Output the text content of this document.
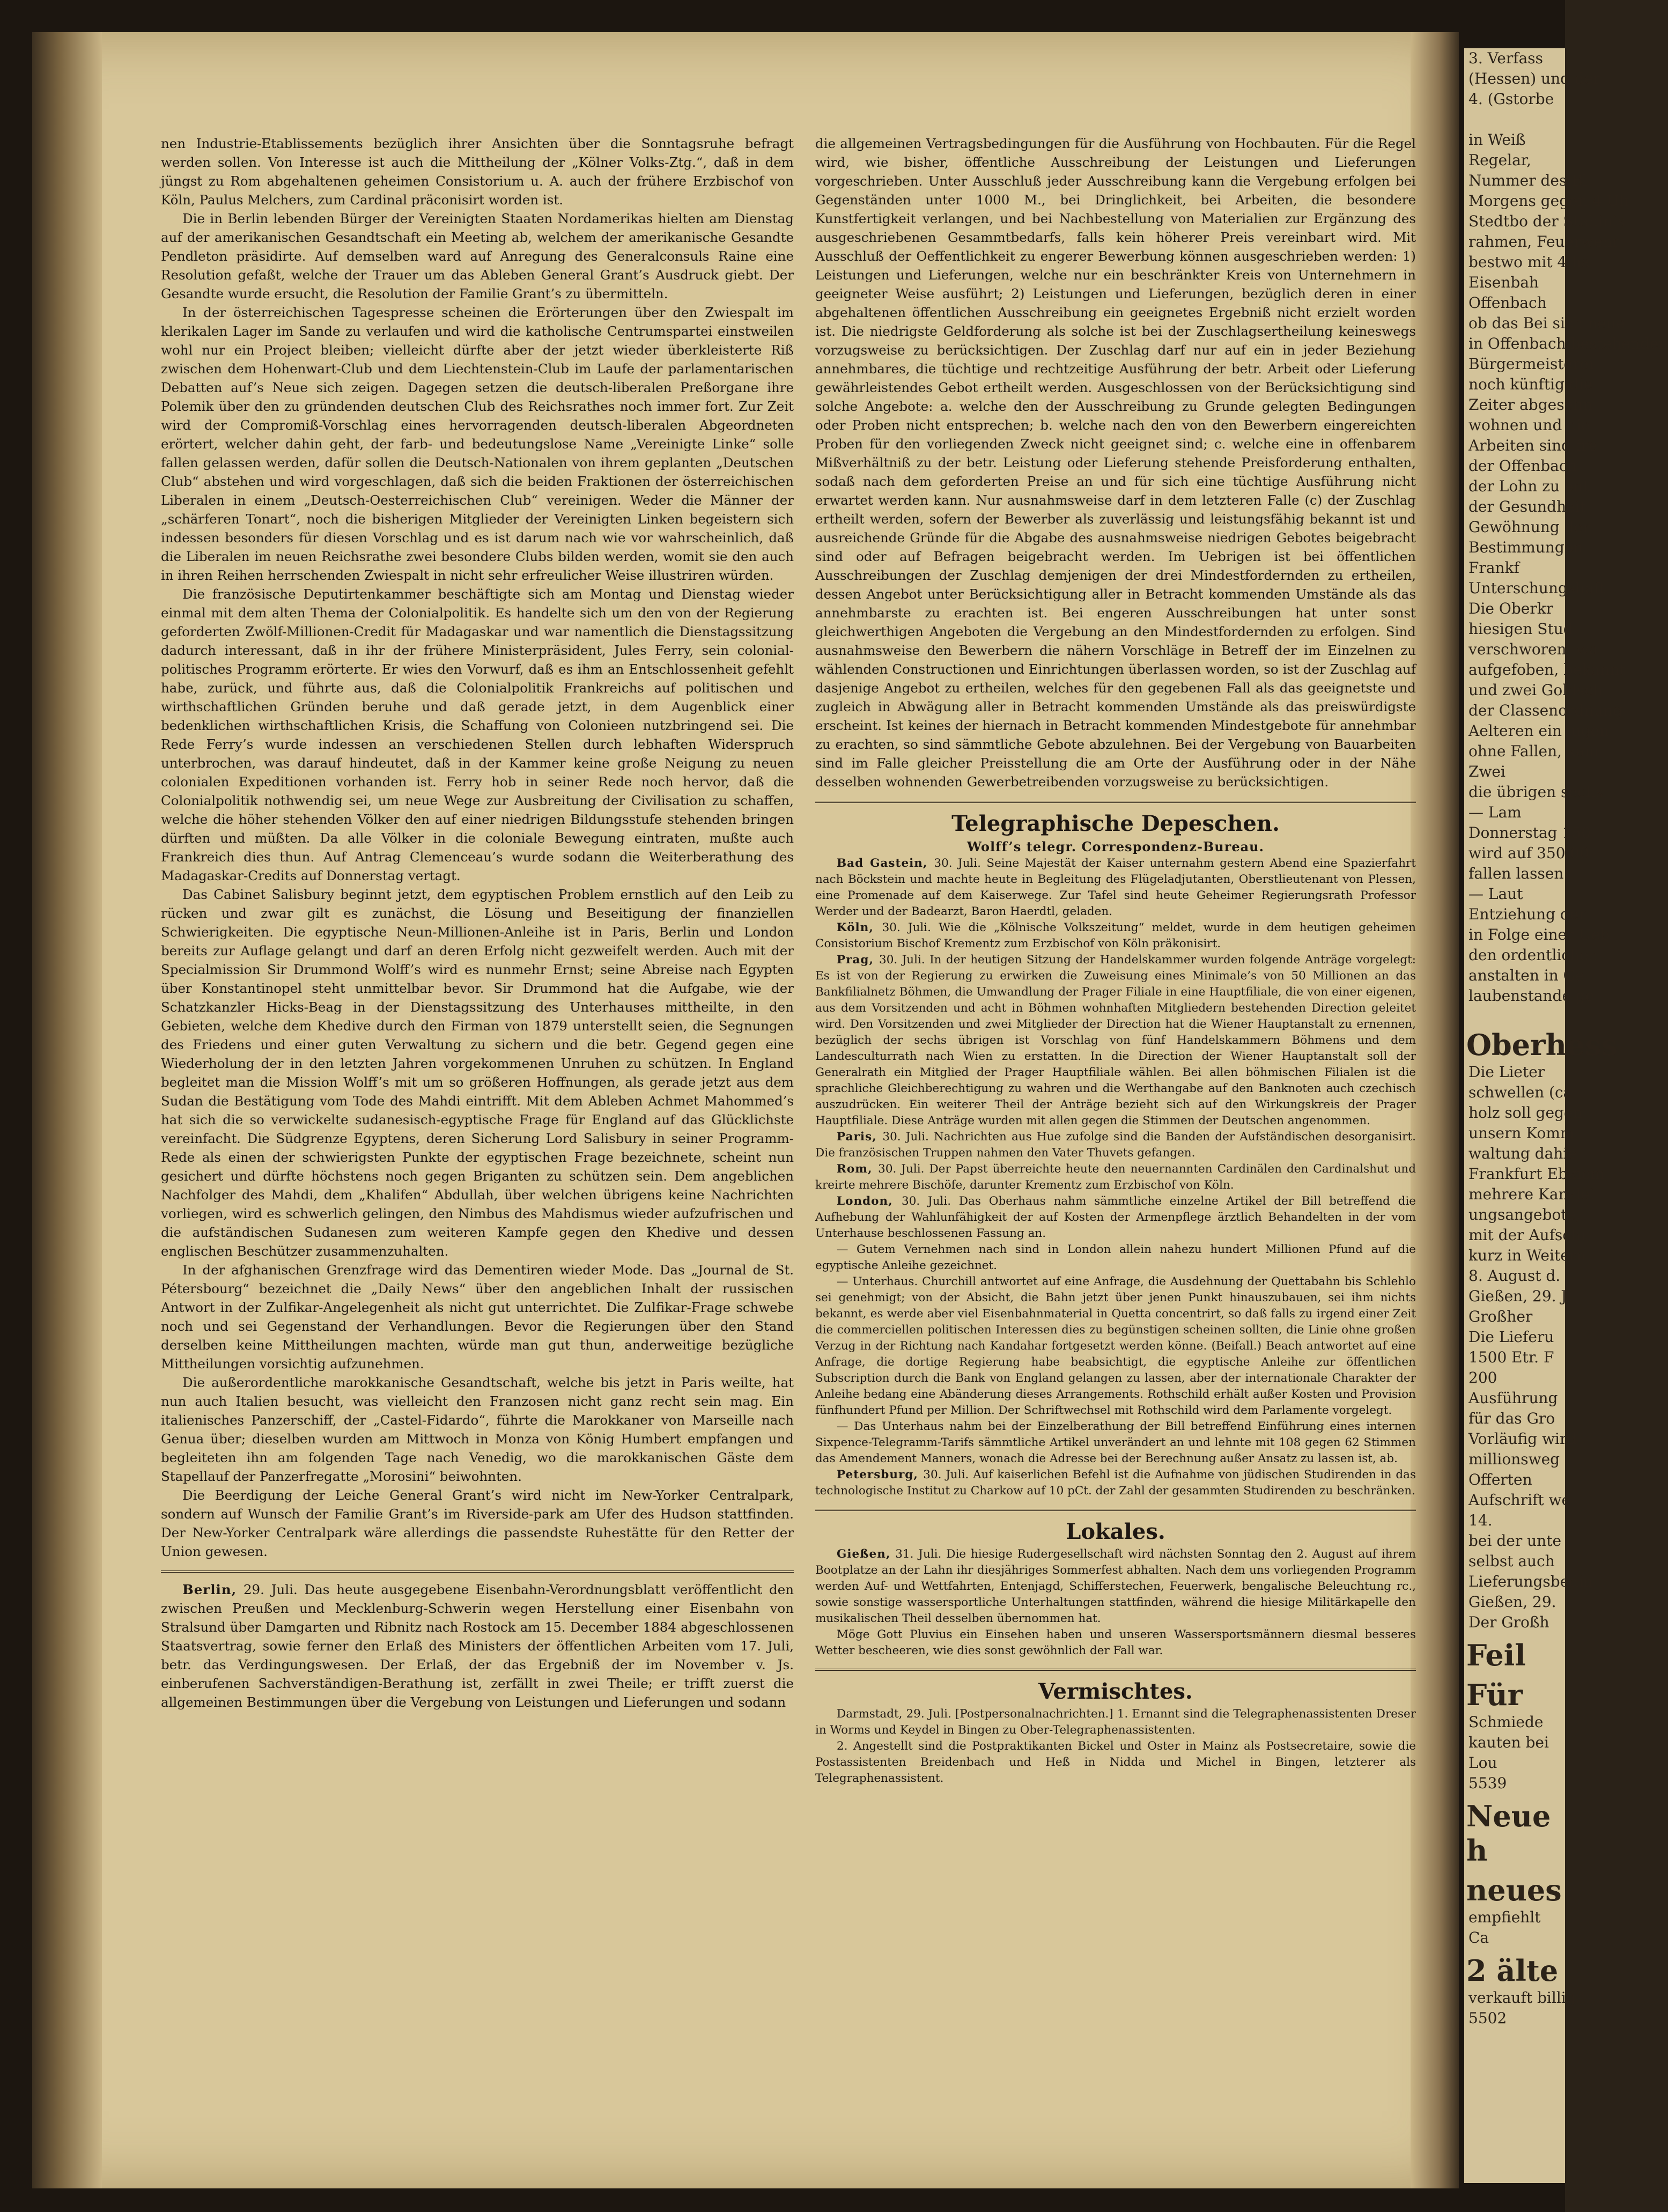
nen Industrie-Etablissements bezüglich ihrer Ansichten über die Sonntagsruhe befragt werden sollen. Von Interesse ist auch die Mittheilung der „Kölner Volks-Ztg.“, daß in dem jüngst zu Rom abgehaltenen geheimen Consistorium u. A. auch der frühere Erzbischof von Köln, Paulus Melchers, zum Cardinal präconisirt worden ist.

Die in Berlin lebenden Bürger der Vereinigten Staaten Nordamerikas hielten am Dienstag auf der amerikanischen Gesandtschaft ein Meeting ab, welchem der amerikanische Gesandte Pendleton präsidirte. Auf demselben ward auf Anregung des Generalconsuls Raine eine Resolution gefaßt, welche der Trauer um das Ableben General Grant’s Ausdruck giebt. Der Gesandte wurde ersucht, die Resolution der Familie Grant’s zu übermitteln.

In der österreichischen Tagespresse scheinen die Erörterungen über den Zwiespalt im klerikalen Lager im Sande zu verlaufen und wird die katholische Centrumspartei einstweilen wohl nur ein Project bleiben; vielleicht dürfte aber der jetzt wieder überkleisterte Riß zwischen dem Hohenwart-Club und dem Liechtenstein-Club im Laufe der parlamentarischen Debatten auf’s Neue sich zeigen. Dagegen setzen die deutsch-liberalen Preßorgane ihre Polemik über den zu gründenden deutschen Club des Reichsrathes noch immer fort. Zur Zeit wird der Compromiß-Vorschlag eines hervorragenden deutsch-liberalen Abgeordneten erörtert, welcher dahin geht, der farb- und bedeutungslose Name „Vereinigte Linke“ solle fallen gelassen werden, dafür sollen die Deutsch-Nationalen von ihrem geplanten „Deutschen Club“ abstehen und wird vorgeschlagen, daß sich die beiden Fraktionen der österreichischen Liberalen in einem „Deutsch-Oesterreichischen Club“ vereinigen. Weder die Männer der „schärferen Tonart“, noch die bisherigen Mitglieder der Vereinigten Linken begeistern sich indessen besonders für diesen Vorschlag und es ist darum nach wie vor wahrscheinlich, daß die Liberalen im neuen Reichsrathe zwei besondere Clubs bilden werden, womit sie den auch in ihren Reihen herrschenden Zwiespalt in nicht sehr erfreulicher Weise illustriren würden.

Die französische Deputirtenkammer beschäftigte sich am Montag und Dienstag wieder einmal mit dem alten Thema der Colonialpolitik. Es handelte sich um den von der Regierung geforderten Zwölf-Millionen-Credit für Madagaskar und war namentlich die Dienstagssitzung dadurch interessant, daß in ihr der frühere Ministerpräsident, Jules Ferry, sein colonial-politisches Programm erörterte. Er wies den Vorwurf, daß es ihm an Entschlossenheit gefehlt habe, zurück, und führte aus, daß die Colonialpolitik Frankreichs auf politischen und wirthschaftlichen Gründen beruhe und daß gerade jetzt, in dem Augenblick einer bedenklichen wirthschaftlichen Krisis, die Schaffung von Colonieen nutzbringend sei. Die Rede Ferry’s wurde indessen an verschiedenen Stellen durch lebhaften Widerspruch unterbrochen, was darauf hindeutet, daß in der Kammer keine große Neigung zu neuen colonialen Expeditionen vorhanden ist. Ferry hob in seiner Rede noch hervor, daß die Colonialpolitik nothwendig sei, um neue Wege zur Ausbreitung der Civilisation zu schaffen, welche die höher stehenden Völker den auf einer niedrigen Bildungsstufe stehenden bringen dürften und müßten. Da alle Völker in die coloniale Bewegung eintraten, mußte auch Frankreich dies thun. Auf Antrag Clemenceau’s wurde sodann die Weiterberathung des Madagaskar-Credits auf Donnerstag vertagt.

Das Cabinet Salisbury beginnt jetzt, dem egyptischen Problem ernstlich auf den Leib zu rücken und zwar gilt es zunächst, die Lösung und Beseitigung der finanziellen Schwierigkeiten. Die egyptische Neun-Millionen-Anleihe ist in Paris, Berlin und London bereits zur Auflage gelangt und darf an deren Erfolg nicht gezweifelt werden. Auch mit der Specialmission Sir Drummond Wolff’s wird es nunmehr Ernst; seine Abreise nach Egypten über Konstantinopel steht unmittelbar bevor. Sir Drummond hat die Aufgabe, wie der Schatzkanzler Hicks-Beag in der Dienstagssitzung des Unterhauses mittheilte, in den Gebieten, welche dem Khedive durch den Firman von 1879 unterstellt seien, die Segnungen des Friedens und einer guten Verwaltung zu sichern und die betr. Gegend gegen eine Wiederholung der in den letzten Jahren vorgekommenen Unruhen zu schützen. In England begleitet man die Mission Wolff’s mit um so größeren Hoffnungen, als gerade jetzt aus dem Sudan die Bestätigung vom Tode des Mahdi eintrifft. Mit dem Ableben Achmet Mahommed’s hat sich die so verwickelte sudanesisch-egyptische Frage für England auf das Glücklichste vereinfacht. Die Südgrenze Egyptens, deren Sicherung Lord Salisbury in seiner Programm-Rede als einen der schwierigsten Punkte der egyptischen Frage bezeichnete, scheint nun gesichert und dürfte höchstens noch gegen Briganten zu schützen sein. Dem angeblichen Nachfolger des Mahdi, dem „Khalifen“ Abdullah, über welchen übrigens keine Nachrichten vorliegen, wird es schwerlich gelingen, den Nimbus des Mahdismus wieder aufzufrischen und die aufständischen Sudanesen zum weiteren Kampfe gegen den Khedive und dessen englischen Beschützer zusammenzuhalten.

In der afghanischen Grenzfrage wird das Dementiren wieder Mode. Das „Journal de St. Pétersbourg“ bezeichnet die „Daily News“ über den angeblichen Inhalt der russischen Antwort in der Zulfikar-Angelegenheit als nicht gut unterrichtet. Die Zulfikar-Frage schwebe noch und sei Gegenstand der Verhandlungen. Bevor die Regierungen über den Stand derselben keine Mittheilungen machten, würde man gut thun, anderweitige bezügliche Mittheilungen vorsichtig aufzunehmen.

Die außerordentliche marokkanische Gesandtschaft, welche bis jetzt in Paris weilte, hat nun auch Italien besucht, was vielleicht den Franzosen nicht ganz recht sein mag. Ein italienisches Panzerschiff, der „Castel-Fidardo“, führte die Marokkaner von Marseille nach Genua über; dieselben wurden am Mittwoch in Monza von König Humbert empfangen und begleiteten ihn am folgenden Tage nach Venedig, wo die marokkanischen Gäste dem Stapellauf der Panzerfregatte „Morosini“ beiwohnten.

Die Beerdigung der Leiche General Grant’s wird nicht im New-Yorker Centralpark, sondern auf Wunsch der Familie Grant’s im Riverside-park am Ufer des Hudson stattfinden. Der New-Yorker Centralpark wäre allerdings die passendste Ruhestätte für den Retter der Union gewesen.

Berlin, 29. Juli. Das heute ausgegebene Eisenbahn-Verordnungsblatt veröffentlicht den zwischen Preußen und Mecklenburg-Schwerin wegen Herstellung einer Eisenbahn von Stralsund über Damgarten und Ribnitz nach Rostock am 15. December 1884 abgeschlossenen Staatsvertrag, sowie ferner den Erlaß des Ministers der öffentlichen Arbeiten vom 17. Juli, betr. das Verdingungswesen. Der Erlaß, der das Ergebniß der im November v. Js. einberufenen Sachverständigen-Berathung ist, zerfällt in zwei Theile; er trifft zuerst die allgemeinen Bestimmungen über die Vergebung von Leistungen und Lieferungen und sodann

die allgemeinen Vertragsbedingungen für die Ausführung von Hochbauten. Für die Regel wird, wie bisher, öffentliche Ausschreibung der Leistungen und Lieferungen vorgeschrieben. Unter Ausschluß jeder Ausschreibung kann die Vergebung erfolgen bei Gegenständen unter 1000 M., bei Dringlichkeit, bei Arbeiten, die besondere Kunstfertigkeit verlangen, und bei Nachbestellung von Materialien zur Ergänzung des ausgeschriebenen Gesammtbedarfs, falls kein höherer Preis vereinbart wird. Mit Ausschluß der Oeffentlichkeit zu engerer Bewerbung können ausgeschrieben werden: 1) Leistungen und Lieferungen, welche nur ein beschränkter Kreis von Unternehmern in geeigneter Weise ausführt; 2) Leistungen und Lieferungen, bezüglich deren in einer abgehaltenen öffentlichen Ausschreibung ein geeignetes Ergebniß nicht erzielt worden ist. Die niedrigste Geldforderung als solche ist bei der Zuschlagsertheilung keineswegs vorzugsweise zu berücksichtigen. Der Zuschlag darf nur auf ein in jeder Beziehung annehmbares, die tüchtige und rechtzeitige Ausführung der betr. Arbeit oder Lieferung gewährleistendes Gebot ertheilt werden. Ausgeschlossen von der Berücksichtigung sind solche Angebote: a. welche den der Ausschreibung zu Grunde gelegten Bedingungen oder Proben nicht entsprechen; b. welche nach den von den Bewerbern eingereichten Proben für den vorliegenden Zweck nicht geeignet sind; c. welche eine in offenbarem Mißverhältniß zu der betr. Leistung oder Lieferung stehende Preisforderung enthalten, sodaß nach dem geforderten Preise an und für sich eine tüchtige Ausführung nicht erwartet werden kann. Nur ausnahmsweise darf in dem letzteren Falle (c) der Zuschlag ertheilt werden, sofern der Bewerber als zuverlässig und leistungsfähig bekannt ist und ausreichende Gründe für die Abgabe des ausnahmsweise niedrigen Gebotes beigebracht sind oder auf Befragen beigebracht werden. Im Uebrigen ist bei öffentlichen Ausschreibungen der Zuschlag demjenigen der drei Mindestfordernden zu ertheilen, dessen Angebot unter Berücksichtigung aller in Betracht kommenden Umstände als das annehmbarste zu erachten ist. Bei engeren Ausschreibungen hat unter sonst gleichwerthigen Angeboten die Vergebung an den Mindestfordernden zu erfolgen. Sind ausnahmsweise den Bewerbern die nähern Vorschläge in Betreff der im Einzelnen zu wählenden Constructionen und Einrichtungen überlassen worden, so ist der Zuschlag auf dasjenige Angebot zu ertheilen, welches für den gegebenen Fall als das geeignetste und zugleich in Abwägung aller in Betracht kommenden Umstände als das preiswürdigste erscheint. Ist keines der hiernach in Betracht kommenden Mindestgebote für annehmbar zu erachten, so sind sämmtliche Gebote abzulehnen. Bei der Vergebung von Bauarbeiten sind im Falle gleicher Preisstellung die am Orte der Ausführung oder in der Nähe desselben wohnenden Gewerbetreibenden vorzugsweise zu berücksichtigen.

Telegraphische Depeschen.
Wolff’s telegr. Correspondenz-Bureau.

Bad Gastein, 30. Juli. Seine Majestät der Kaiser unternahm gestern Abend eine Spazierfahrt nach Böckstein und machte heute in Begleitung des Flügeladjutanten, Oberstlieutenant von Plessen, eine Promenade auf dem Kaiserwege. Zur Tafel sind heute Geheimer Regierungsrath Professor Werder und der Badearzt, Baron Haerdtl, geladen.

Köln, 30. Juli. Wie die „Kölnische Volkszeitung“ meldet, wurde in dem heutigen geheimen Consistorium Bischof Krementz zum Erzbischof von Köln präkonisirt.

Prag, 30. Juli. In der heutigen Sitzung der Handelskammer wurden folgende Anträge vorgelegt: Es ist von der Regierung zu erwirken die Zuweisung eines Minimale’s von 50 Millionen an das Bankfilialnetz Böhmen, die Umwandlung der Prager Filiale in eine Hauptfiliale, die von einer eigenen, aus dem Vorsitzenden und acht in Böhmen wohnhaften Mitgliedern bestehenden Direction geleitet wird. Den Vorsitzenden und zwei Mitglieder der Direction hat die Wiener Hauptanstalt zu ernennen, bezüglich der sechs übrigen ist Vorschlag von fünf Handelskammern Böhmens und dem Landesculturrath nach Wien zu erstatten. In die Direction der Wiener Hauptanstalt soll der Generalrath ein Mitglied der Prager Hauptfiliale wählen. Bei allen böhmischen Filialen ist die sprachliche Gleichberechtigung zu wahren und die Werthangabe auf den Banknoten auch czechisch auszudrücken. Ein weiterer Theil der Anträge bezieht sich auf den Wirkungskreis der Prager Hauptfiliale. Diese Anträge wurden mit allen gegen die Stimmen der Deutschen angenommen.

Paris, 30. Juli. Nachrichten aus Hue zufolge sind die Banden der Aufständischen desorganisirt. Die französischen Truppen nahmen den Vater Thuvets gefangen.

Rom, 30. Juli. Der Papst überreichte heute den neuernannten Cardinälen den Cardinalshut und kreirte mehrere Bischöfe, darunter Krementz zum Erzbischof von Köln.

London, 30. Juli. Das Oberhaus nahm sämmtliche einzelne Artikel der Bill betreffend die Aufhebung der Wahlunfähigkeit der auf Kosten der Armenpflege ärztlich Behandelten in der vom Unterhause beschlossenen Fassung an.

— Gutem Vernehmen nach sind in London allein nahezu hundert Millionen Pfund auf die egyptische Anleihe gezeichnet.

— Unterhaus. Churchill antwortet auf eine Anfrage, die Ausdehnung der Quettabahn bis Schlehlo sei genehmigt; von der Absicht, die Bahn jetzt über jenen Punkt hinauszubauen, sei ihm nichts bekannt, es werde aber viel Eisenbahnmaterial in Quetta concentrirt, so daß falls zu irgend einer Zeit die commerciellen politischen Interessen dies zu begünstigen scheinen sollten, die Linie ohne großen Verzug in der Richtung nach Kandahar fortgesetzt werden könne. (Beifall.) Beach antwortet auf eine Anfrage, die dortige Regierung habe beabsichtigt, die egyptische Anleihe zur öffentlichen Subscription durch die Bank von England gelangen zu lassen, aber der internationale Charakter der Anleihe bedang eine Abänderung dieses Arrangements. Rothschild erhält außer Kosten und Provision fünfhundert Pfund per Million. Der Schriftwechsel mit Rothschild wird dem Parlamente vorgelegt.

— Das Unterhaus nahm bei der Einzelberathung der Bill betreffend Einführung eines internen Sixpence-Telegramm-Tarifs sämmtliche Artikel unverändert an und lehnte mit 108 gegen 62 Stimmen das Amendement Manners, wonach die Adresse bei der Berechnung außer Ansatz zu lassen ist, ab.

Petersburg, 30. Juli. Auf kaiserlichen Befehl ist die Aufnahme von jüdischen Studirenden in das technologische Institut zu Charkow auf 10 pCt. der Zahl der gesammten Studirenden zu beschränken.

Lokales.

Gießen, 31. Juli. Die hiesige Rudergesellschaft wird nächsten Sonntag den 2. August auf ihrem Bootplatze an der Lahn ihr diesjähriges Sommerfest abhalten. Nach dem uns vorliegenden Programm werden Auf- und Wettfahrten, Entenjagd, Schifferstechen, Feuerwerk, bengalische Beleuchtung rc., sowie sonstige wassersportliche Unterhaltungen stattfinden, während die hiesige Militärkapelle den musikalischen Theil desselben übernommen hat.

Möge Gott Pluvius ein Einsehen haben und unseren Wassersportsmännern diesmal besseres Wetter bescheeren, wie dies sonst gewöhnlich der Fall war.

Vermischtes.

Darmstadt, 29. Juli. [Postpersonalnachrichten.] 1. Ernannt sind die Telegraphenassistenten Dreser in Worms und Keydel in Bingen zu Ober-Telegraphenassistenten.

2. Angestellt sind die Postpraktikanten Bickel und Oster in Mainz als Postsecretaire, sowie die Postassistenten Breidenbach und Heß in Nidda und Michel in Bingen, letzterer als Telegraphenassistent.

3. Verfass
(Hessen) und der
4. (Gstorbe

in Weiß
Regelar,
Nummer des Bl
Morgens gegen 4 Uh
Stedtbo der Stahinis
rahmen, Feuerwehr
bestwo mit 4 ha
Eisenbah
Offenbach
ob das Bei sich neue
in Offenbach bestehenden
Bürgermeisterei
noch künftig die
Zeiter abgesehn
wohnen und die
Arbeiten sind fre
der Offenbach
der Lohn zu ent
der Gesundheit
Gewöhnung der
Bestimmungen
Frankf
Unterschungshaft
Die Oberkr
hiesigen Stud
verschworen, wa
aufgefoben, bekannt
und zwei Goldsch
der Classenordnung
Aelteren ein jugen
ohne Fallen, kam
Zwei
die übrigen sechs
— Lam
Donnerstag 150
wird auf 350,00
fallen lassen.
— Laut
Entziehung der
in Folge einer Ueb
den ordentlichen
anstalten in Ge
laubenstande ge
Oberhess
Die Lieter
schwellen (ca
holz soll gegen
unsern Komm
waltung dahie
Frankfurt Ebkiem
mehrere Kanzlei
ungsangebote,
mit der Aufschr
kurz in Weitern
8. August d.
Gießen, 29. J
Großher
Die Lieferu
1500 Etr. F
200
Ausführung
für das Gro
Vorläufig wird
millionsweg
Offerten
Aufschrift we
14.
bei der unte
selbst auch
Lieferungsbedin
Gießen, 29.
Der Großh
Feil
Für
Schmiede
kauten bei
Lou
5539
Neue h
neues
empfiehlt
Ca
2 älte
verkauft billig
5502
